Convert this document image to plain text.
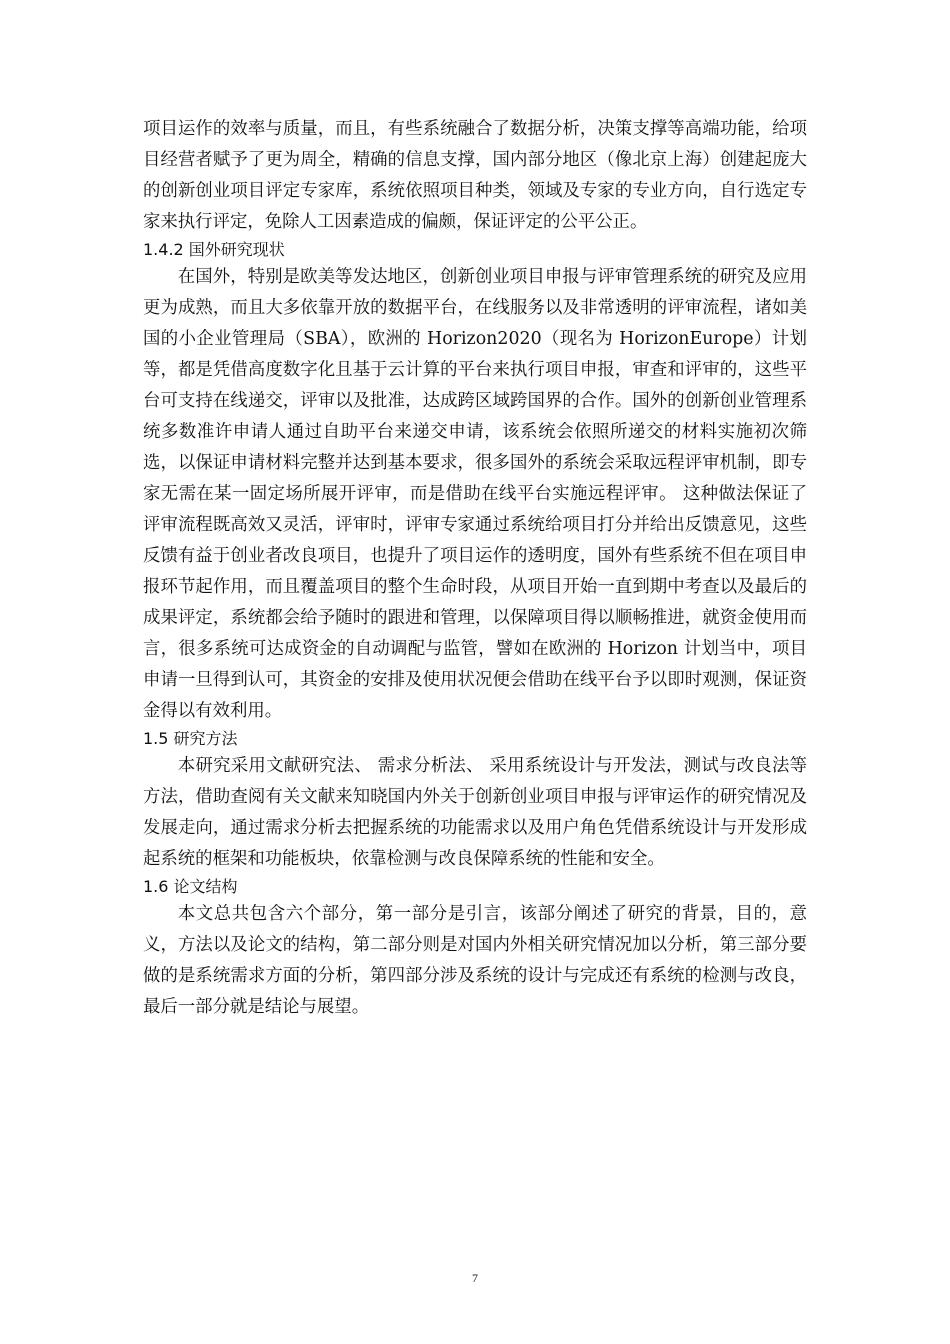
项目运作的效率与质量，而且，有些系统融合了数据分析，决策支撑等高端功能，给项目经营者赋予了更为周全，精确的信息支撑，国内部分地区（像北京上海）创建起庞大的创新创业项目评定专家库，系统依照项目种类，领域及专家的专业方向，自行选定专家来执行评定，免除人工因素造成的偏颇，保证评定的公平公正。

1.4.2 国外研究现状

在国外，特别是欧美等发达地区，创新创业项目申报与评审管理系统的研究及应用更为成熟，而且大多依靠开放的数据平台，在线服务以及非常透明的评审流程，诸如美国的小企业管理局（SBA），欧洲的 Horizon2020（现名为 HorizonEurope）计划等，都是凭借高度数字化且基于云计算的平台来执行项目申报，审查和评审的，这些平台可支持在线递交，评审以及批准，达成跨区域跨国界的合作。国外的创新创业管理系统多数准许申请人通过自助平台来递交申请，该系统会依照所递交的材料实施初次筛选，以保证申请材料完整并达到基本要求，很多国外的系统会采取远程评审机制，即专家无需在某一固定场所展开评审，而是借助在线平台实施远程评审。 这种做法保证了评审流程既高效又灵活，评审时，评审专家通过系统给项目打分并给出反馈意见，这些反馈有益于创业者改良项目，也提升了项目运作的透明度，国外有些系统不但在项目申报环节起作用，而且覆盖项目的整个生命时段，从项目开始一直到期中考查以及最后的成果评定，系统都会给予随时的跟进和管理，以保障项目得以顺畅推进，就资金使用而言，很多系统可达成资金的自动调配与监管，譬如在欧洲的 Horizon 计划当中，项目申请一旦得到认可，其资金的安排及使用状况便会借助在线平台予以即时观测，保证资金得以有效利用。

1.5 研究方法

本研究采用文献研究法、 需求分析法、 采用系统设计与开发法，测试与改良法等方法，借助查阅有关文献来知晓国内外关于创新创业项目申报与评审运作的研究情况及发展走向，通过需求分析去把握系统的功能需求以及用户角色凭借系统设计与开发形成起系统的框架和功能板块，依靠检测与改良保障系统的性能和安全。

1.6 论文结构

本文总共包含六个部分，第一部分是引言，该部分阐述了研究的背景，目的，意义，方法以及论文的结构，第二部分则是对国内外相关研究情况加以分析，第三部分要做的是系统需求方面的分析，第四部分涉及系统的设计与完成还有系统的检测与改良，最后一部分就是结论与展望。

7
